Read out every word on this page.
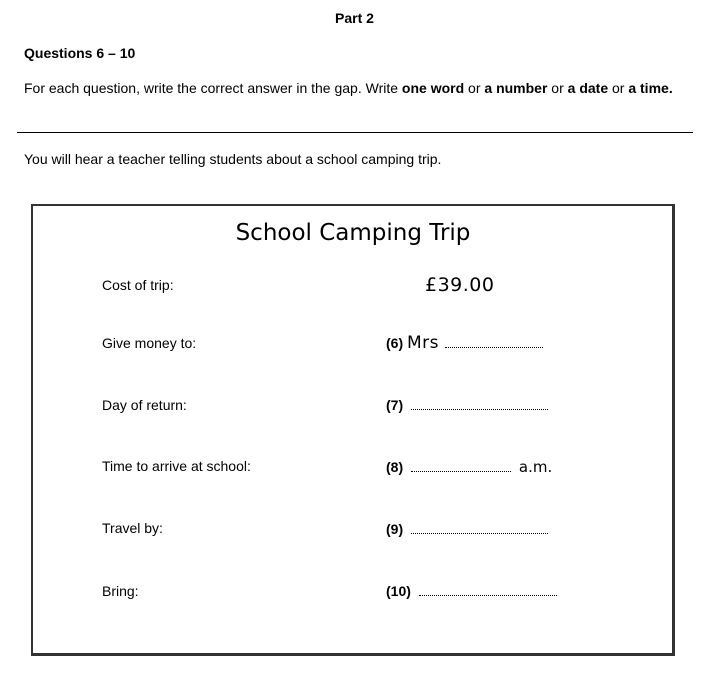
Part 2
Questions 6 – 10
For each question, write the correct answer in the gap. Write one word or a number or a date or a time.
You will hear a teacher telling students about a school camping trip.
School Camping Trip
Cost of trip:	£39.00
Give money to:	(6) Mrs
Day of return:	(7)
Time to arrive at school:	(8)	a.m.
Travel by:	(9)
Bring:	(10)
